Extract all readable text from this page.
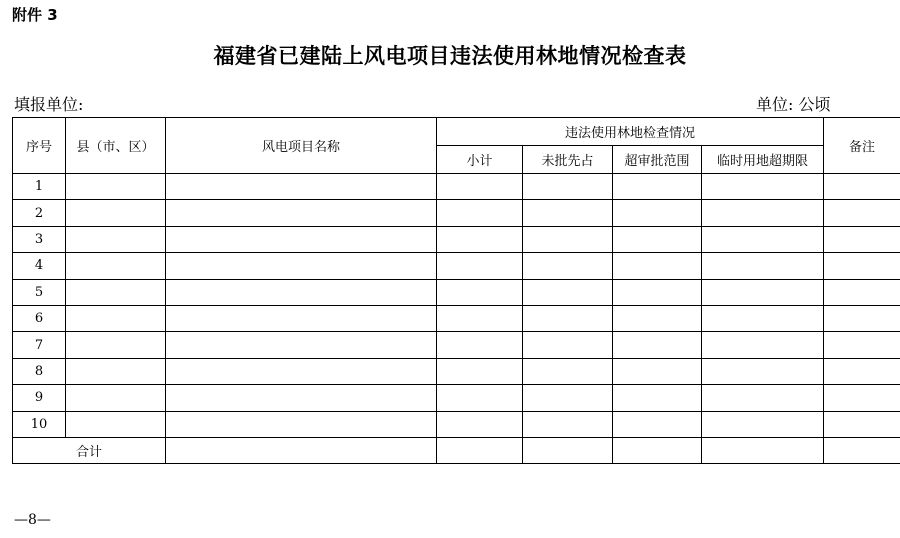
附件 3
福建省已建陆上风电项目违法使用林地情况检查表
填报单位:	单位: 公顷
序号	县（市、区）	风电项目名称	违法使用林地检查情况				备注
			小计	未批先占	超审批范围	临时用地超期限	
1							
2							
3							
4							
5							
6							
7							
8							
9							
10							
合计							
—8—
